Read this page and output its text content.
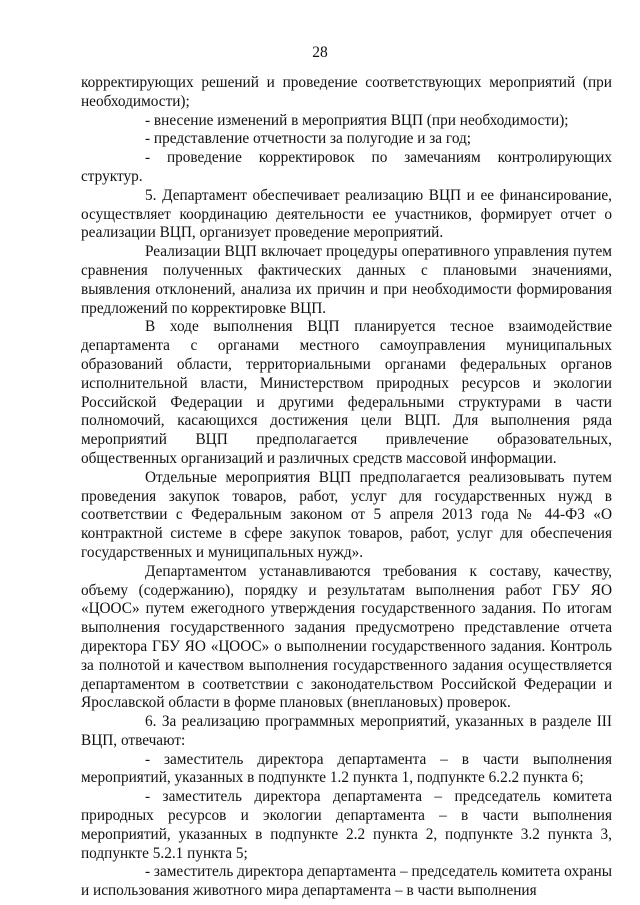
28

корректирующих решений и проведение соответствующих мероприятий (при необходимости);

- внесение изменений в мероприятия ВЦП (при необходимости);

- представление отчетности за полугодие и за год;

- проведение корректировок по замечаниям контролирующих структур.

5. Департамент обеспечивает реализацию ВЦП и ее финансирование, осуществляет координацию деятельности ее участников, формирует отчет о реализации ВЦП, организует проведение мероприятий.

Реализации ВЦП включает процедуры оперативного управления путем сравнения полученных фактических данных с плановыми значениями, выявления отклонений, анализа их причин и при необходимости формирования предложений по корректировке ВЦП.

В ходе выполнения ВЦП планируется тесное взаимодействие департамента с органами местного самоуправления муниципальных образований области, территориальными органами федеральных органов исполнительной власти, Министерством природных ресурсов и экологии Российской Федерации и другими федеральными структурами в части полномочий, касающихся достижения цели ВЦП. Для выполнения ряда мероприятий ВЦП предполагается привлечение образовательных, общественных организаций и различных средств массовой информации.

Отдельные мероприятия ВЦП предполагается реализовывать путем проведения закупок товаров, работ, услуг для государственных нужд в соответствии с Федеральным законом от 5 апреля 2013 года № 44-ФЗ «О контрактной системе в сфере закупок товаров, работ, услуг для обеспечения государственных и муниципальных нужд».

Департаментом устанавливаются требования к составу, качеству, объему (содержанию), порядку и результатам выполнения работ ГБУ ЯО «ЦООС» путем ежегодного утверждения государственного задания. По итогам выполнения государственного задания предусмотрено представление отчета директора ГБУ ЯО «ЦООС» о выполнении государственного задания. Контроль за полнотой и качеством выполнения государственного задания осуществляется департаментом в соответствии с законодательством Российской Федерации и Ярославской области в форме плановых (внеплановых) проверок.

6. За реализацию программных мероприятий, указанных в разделе III ВЦП, отвечают:

- заместитель директора департамента – в части выполнения мероприятий, указанных в подпункте 1.2 пункта 1, подпункте 6.2.2 пункта 6;

- заместитель директора департамента – председатель комитета природных ресурсов и экологии департамента – в части выполнения мероприятий, указанных в подпункте 2.2 пункта 2, подпункте 3.2 пункта 3, подпункте 5.2.1 пункта 5;

- заместитель директора департамента – председатель комитета охраны и использования животного мира департамента – в части выполнения
